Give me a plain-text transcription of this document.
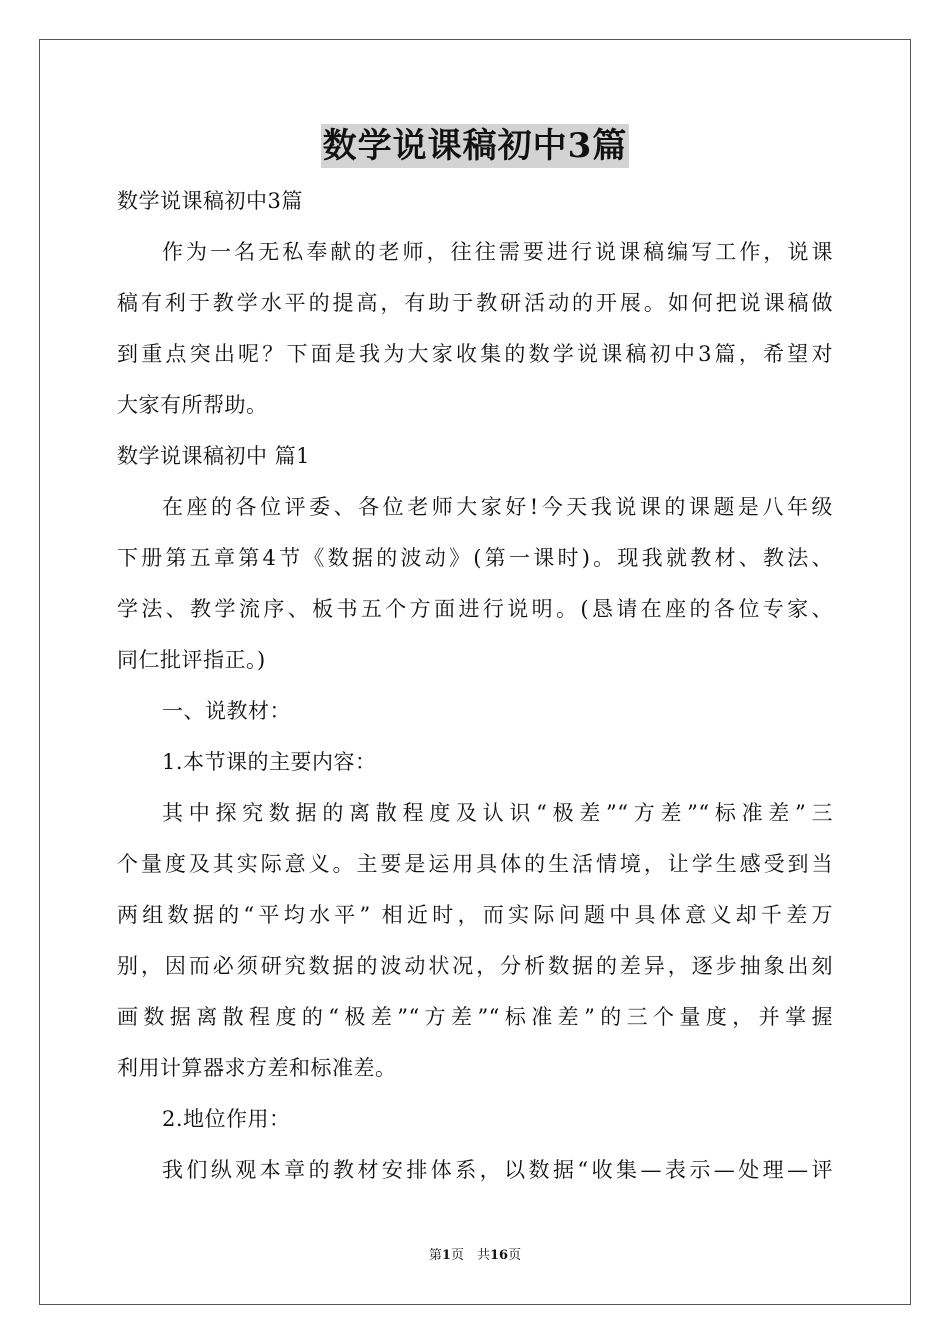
数学说课稿初中3篇
数学说课稿初中3篇
作为一名无私奉献的老师，往往需要进行说课稿编写工作，说课
稿有利于教学水平的提高，有助于教研活动的开展。如何把说课稿做
到重点突出呢？下面是我为大家收集的数学说课稿初中3篇，希望对
大家有所帮助。
数学说课稿初中 篇1
在座的各位评委、各位老师大家好!今天我说课的课题是八年级
下册第五章第4节《数据的波动》(第一课时)。现我就教材、教法、
学法、教学流序、板书五个方面进行说明。(恳请在座的各位专家、
同仁批评指正。)
一、说教材：
1.本节课的主要内容：
其中探究数据的离散程度及认识“极差”“方差”“标准差”三
个量度及其实际意义。主要是运用具体的生活情境，让学生感受到当
两组数据的“平均水平” 相近时，而实际问题中具体意义却千差万
别，因而必须研究数据的波动状况，分析数据的差异，逐步抽象出刻
画数据离散程度的“极差”“方差”“标准差”的三个量度，并掌握
利用计算器求方差和标准差。
2.地位作用：
我们纵观本章的教材安排体系，以数据“收集—表示—处理—评
第1页　共16页
